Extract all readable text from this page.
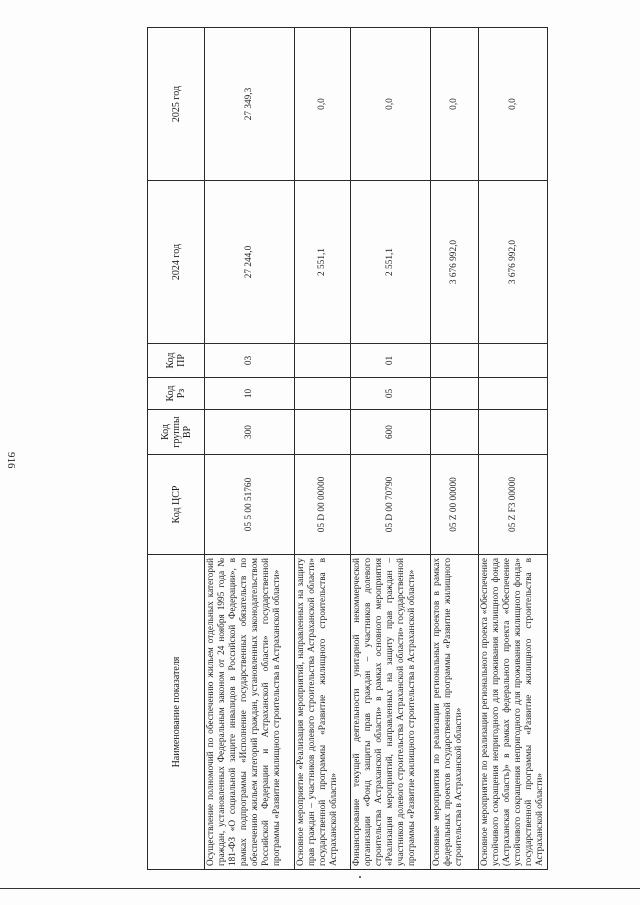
916
Наименование показателя	Код ЦСР	Код группы ВР	Код Рз	Код ПР	2024 год	2025 год
Осуществление полномочий по обеспечению жильем отдельных категорий граждан, установленных Федеральным законом от 24 ноября 1995 года № 181-ФЗ «О социальной защите инвалидов в Российской Федерации», в рамках подпрограммы «Исполнение государственных обязательств по обеспечению жильем категорий граждан, установленных законодательством Российской Федерации и Астраханской области» государственной программы «Развитие жилищного строительства в Астраханской области»	05 5 00 51760	300	10	03	27 244,0	27 349,3
Основное мероприятие «Реализация мероприятий, направленных на защиту прав граждан – участников долевого строительства Астраханской области» государственной программы «Развитие жилищного строительства в Астраханской области»	05 D 00 00000				2 551,1	0,0
Финансирование текущей деятельности унитарной некоммерческой организации «Фонд защиты прав граждан – участников долевого строительства Астраханской области» в рамках основного мероприятия «Реализация мероприятий, направленных на защиту прав граждан – участников долевого строительства Астраханской области» государственной программы «Развитие жилищного строительства в Астраханской области»	05 D 00 70790	600	05	01	2 551,1	0,0
Основные мероприятия по реализации региональных проектов в рамках федеральных проектов государственной программы «Развитие жилищного строительства в Астраханской области»	05 Z 00 00000				3 676 992,0	0,0
Основное мероприятие по реализации регионального проекта «Обеспечение устойчивого сокращения непригодного для проживания жилищного фонда (Астраханская область)» в рамках федерального проекта «Обеспечение устойчивого сокращения непригодного для проживания жилищного фонда» государственной программы «Развитие жилищного строительства в Астраханской области»	05 Z F3 00000				3 676 992,0	0,0
